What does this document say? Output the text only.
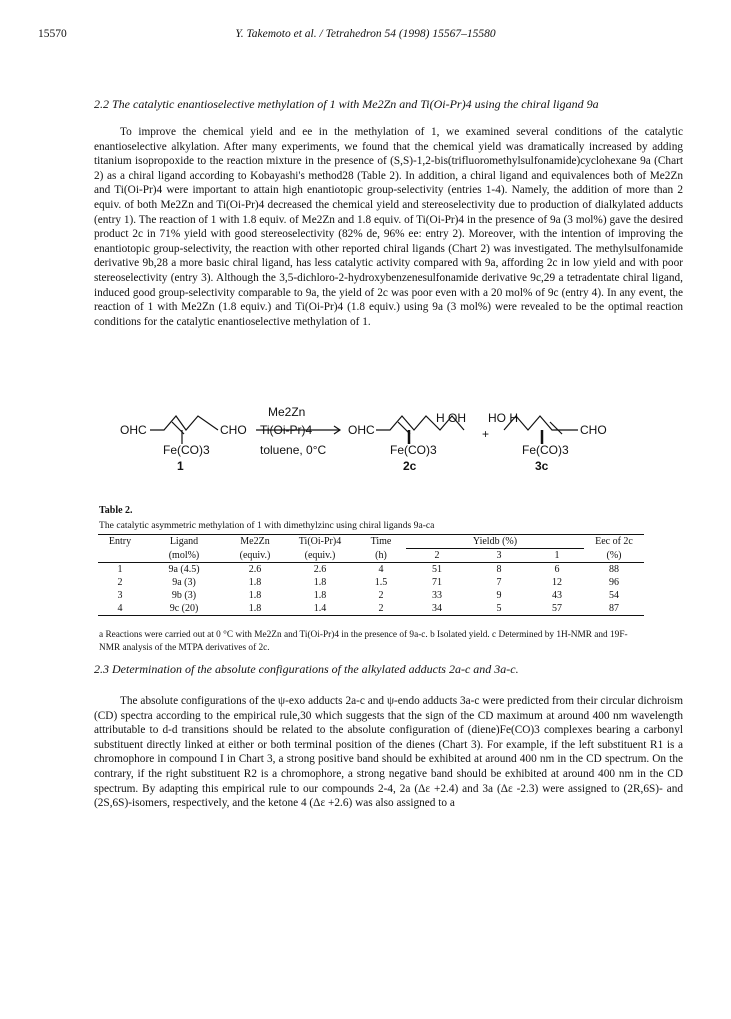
15570	Y. Takemoto et al. / Tetrahedron 54 (1998) 15567–15580
2.2 The catalytic enantioselective methylation of 1 with Me2Zn and Ti(Oi-Pr)4 using the chiral ligand 9a

To improve the chemical yield and ee in the methylation of 1, we examined several conditions of the catalytic enantioselective alkylation. After many experiments, we found that the chemical yield was dramatically increased by adding titanium isopropoxide to the reaction mixture in the presence of (S,S)-1,2-bis(trifluoromethylsulfonamide)cyclohexane 9a (Chart 2) as a chiral ligand according to Kobayashi's method28 (Table 2). In addition, a chiral ligand and equivalences both of Me2Zn and Ti(Oi-Pr)4 were important to attain high enantiotopic group-selectivity (entries 1-4). Namely, the addition of more than 2 equiv. of both Me2Zn and Ti(Oi-Pr)4 decreased the chemical yield and stereoselectivity due to production of dialkylated adducts (entry 1). The reaction of 1 with 1.8 equiv. of Me2Zn and 1.8 equiv. of Ti(Oi-Pr)4 in the presence of 9a (3 mol%) gave the desired product 2c in 71% yield with good stereoselectivity (82% de, 96% ee: entry 2). Moreover, with the intention of improving the enantiotopic group-selectivity, the reaction with other reported chiral ligands (Chart 2) was investigated. The methylsulfonamide derivative 9b,28 a more basic chiral ligand, has less catalytic activity compared with 9a, affording 2c in low yield and with poor stereoselectivity (entry 3). Although the 3,5-dichloro-2-hydroxybenzenesulfonamide derivative 9c,29 a tetradentate chiral ligand, induced good group-selectivity comparable to 9a, the yield of 2c was poor even with a 20 mol% of 9c (entry 4). In any event, the reaction of 1 with Me2Zn (1.8 equiv.) and Ti(Oi-Pr)4 (1.8 equiv.) using 9a (3 mol%) were revealed to be the optimal reaction conditions for the catalytic enantioselective methylation of 1.

OHC	CHO
Fe(CO)3
1
Me2Zn
Ti(Oi-Pr)4
toluene, 0°C
OHC
H OH
Fe(CO)3
2c
+
HO H
CHO
Fe(CO)3
3c
Table 2.
The catalytic asymmetric methylation of 1 with dimethylzinc using chiral ligands 9a-ca
Entry	Ligand	Me2Zn	Ti(Oi-Pr)4	Time	Yieldb (%)			Eec of 2c
	(mol%)	(equiv.)	(equiv.)	(h)	2	3	1	(%)
1	9a (4.5)	2.6	2.6	4	51	8	6	88
2	9a (3)	1.8	1.8	1.5	71	7	12	96
3	9b (3)	1.8	1.8	2	33	9	43	54
4	9c (20)	1.8	1.4	2	34	5	57	87
a Reactions were carried out at 0 °C with Me2Zn and Ti(Oi-Pr)4 in the presence of 9a-c. b Isolated yield. c Determined by 1H-NMR and 19F-NMR analysis of the MTPA derivatives of 2c.
2.3 Determination of the absolute configurations of the alkylated adducts 2a-c and 3a-c.

The absolute configurations of the ψ-exo adducts 2a-c and ψ-endo adducts 3a-c were predicted from their circular dichroism (CD) spectra according to the empirical rule,30 which suggests that the sign of the CD maximum at around 400 nm wavelength attributable to d-d transitions should be related to the absolute configuration of (diene)Fe(CO)3 complexes bearing a carbonyl substituent directly linked at either or both terminal position of the dienes (Chart 3). For example, if the left substituent R1 is a chromophore in compound I in Chart 3, a strong positive band should be exhibited at around 400 nm in the CD spectrum. On the contrary, if the right substituent R2 is a chromophore, a strong negative band should be exhibited at around 400 nm in the CD spectrum. By adapting this empirical rule to our compounds 2-4, 2a (Δε +2.4) and 3a (Δε -2.3) were assigned to (2R,6S)- and (2S,6S)-isomers, respectively, and the ketone 4 (Δε +2.6) was also assigned to a
